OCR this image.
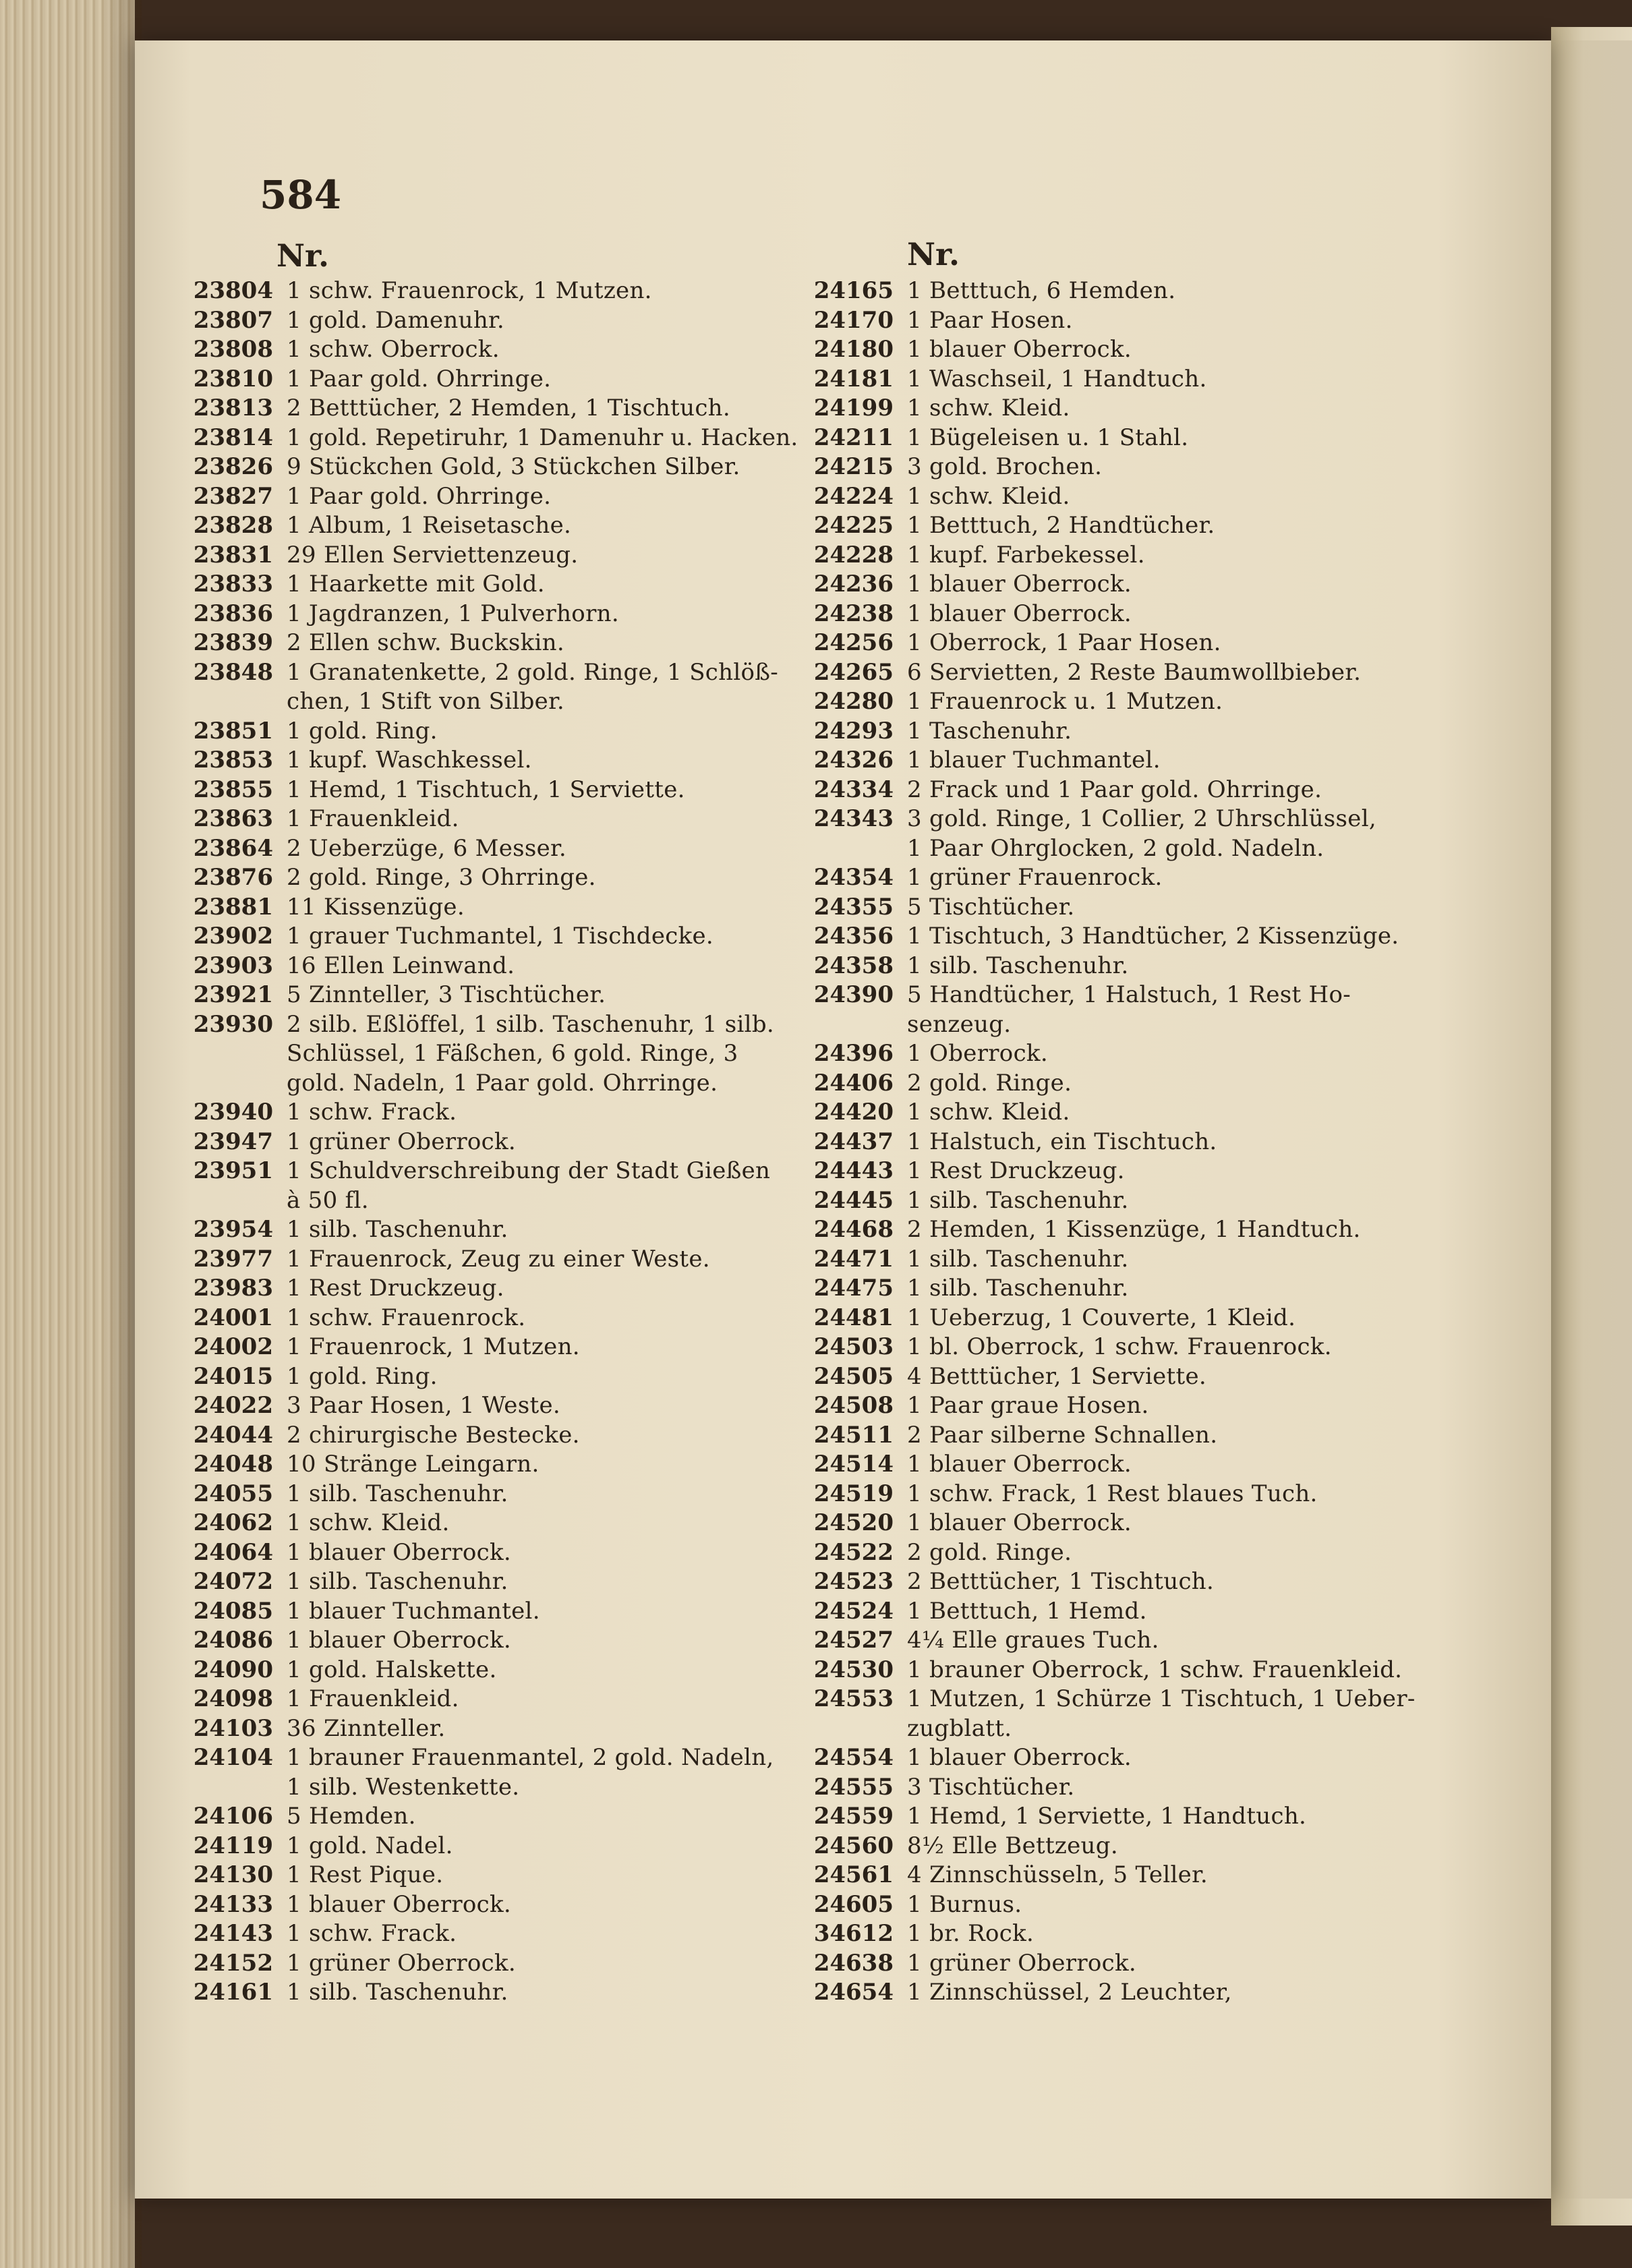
584
Nr.	Nr.
23804 1 schw. Frauenrock, 1 Mutzen.
23807 1 gold. Damenuhr.
23808 1 schw. Oberrock.
23810 1 Paar gold. Ohrringe.
23813 2 Betttücher, 2 Hemden, 1 Tischtuch.
23814 1 gold. Repetiruhr, 1 Damenuhr u. Hacken.
23826 9 Stückchen Gold, 3 Stückchen Silber.
23827 1 Paar gold. Ohrringe.
23828 1 Album, 1 Reisetasche.
23831 29 Ellen Serviettenzeug.
23833 1 Haarkette mit Gold.
23836 1 Jagdranzen, 1 Pulverhorn.
23839 2 Ellen schw. Buckskin.
23848 1 Granatenkette, 2 gold. Ringe, 1 Schlöß-
chen, 1 Stift von Silber.
23851 1 gold. Ring.
23853 1 kupf. Waschkessel.
23855 1 Hemd, 1 Tischtuch, 1 Serviette.
23863 1 Frauenkleid.
23864 2 Ueberzüge, 6 Messer.
23876 2 gold. Ringe, 3 Ohrringe.
23881 11 Kissenzüge.
23902 1 grauer Tuchmantel, 1 Tischdecke.
23903 16 Ellen Leinwand.
23921 5 Zinnteller, 3 Tischtücher.
23930 2 silb. Eßlöffel, 1 silb. Taschenuhr, 1 silb.
Schlüssel, 1 Fäßchen, 6 gold. Ringe, 3
gold. Nadeln, 1 Paar gold. Ohrringe.
23940 1 schw. Frack.
23947 1 grüner Oberrock.
23951 1 Schuldverschreibung der Stadt Gießen
à 50 fl.
23954 1 silb. Taschenuhr.
23977 1 Frauenrock, Zeug zu einer Weste.
23983 1 Rest Druckzeug.
24001 1 schw. Frauenrock.
24002 1 Frauenrock, 1 Mutzen.
24015 1 gold. Ring.
24022 3 Paar Hosen, 1 Weste.
24044 2 chirurgische Bestecke.
24048 10 Stränge Leingarn.
24055 1 silb. Taschenuhr.
24062 1 schw. Kleid.
24064 1 blauer Oberrock.
24072 1 silb. Taschenuhr.
24085 1 blauer Tuchmantel.
24086 1 blauer Oberrock.
24090 1 gold. Halskette.
24098 1 Frauenkleid.
24103 36 Zinnteller.
24104 1 brauner Frauenmantel, 2 gold. Nadeln,
1 silb. Westenkette.
24106 5 Hemden.
24119 1 gold. Nadel.
24130 1 Rest Pique.
24133 1 blauer Oberrock.
24143 1 schw. Frack.
24152 1 grüner Oberrock.
24161 1 silb. Taschenuhr.
24165 1 Betttuch, 6 Hemden.
24170 1 Paar Hosen.
24180 1 blauer Oberrock.
24181 1 Waschseil, 1 Handtuch.
24199 1 schw. Kleid.
24211 1 Bügeleisen u. 1 Stahl.
24215 3 gold. Brochen.
24224 1 schw. Kleid.
24225 1 Betttuch, 2 Handtücher.
24228 1 kupf. Farbekessel.
24236 1 blauer Oberrock.
24238 1 blauer Oberrock.
24256 1 Oberrock, 1 Paar Hosen.
24265 6 Servietten, 2 Reste Baumwollbieber.
24280 1 Frauenrock u. 1 Mutzen.
24293 1 Taschenuhr.
24326 1 blauer Tuchmantel.
24334 2 Frack und 1 Paar gold. Ohrringe.
24343 3 gold. Ringe, 1 Collier, 2 Uhrschlüssel,
1 Paar Ohrglocken, 2 gold. Nadeln.
24354 1 grüner Frauenrock.
24355 5 Tischtücher.
24356 1 Tischtuch, 3 Handtücher, 2 Kissenzüge.
24358 1 silb. Taschenuhr.
24390 5 Handtücher, 1 Halstuch, 1 Rest Ho-
senzeug.
24396 1 Oberrock.
24406 2 gold. Ringe.
24420 1 schw. Kleid.
24437 1 Halstuch, ein Tischtuch.
24443 1 Rest Druckzeug.
24445 1 silb. Taschenuhr.
24468 2 Hemden, 1 Kissenzüge, 1 Handtuch.
24471 1 silb. Taschenuhr.
24475 1 silb. Taschenuhr.
24481 1 Ueberzug, 1 Couverte, 1 Kleid.
24503 1 bl. Oberrock, 1 schw. Frauenrock.
24505 4 Betttücher, 1 Serviette.
24508 1 Paar graue Hosen.
24511 2 Paar silberne Schnallen.
24514 1 blauer Oberrock.
24519 1 schw. Frack, 1 Rest blaues Tuch.
24520 1 blauer Oberrock.
24522 2 gold. Ringe.
24523 2 Betttücher, 1 Tischtuch.
24524 1 Betttuch, 1 Hemd.
24527 4¼ Elle graues Tuch.
24530 1 brauner Oberrock, 1 schw. Frauenkleid.
24553 1 Mutzen, 1 Schürze 1 Tischtuch, 1 Ueber-
zugblatt.
24554 1 blauer Oberrock.
24555 3 Tischtücher.
24559 1 Hemd, 1 Serviette, 1 Handtuch.
24560 8½ Elle Bettzeug.
24561 4 Zinnschüsseln, 5 Teller.
24605 1 Burnus.
34612 1 br. Rock.
24638 1 grüner Oberrock.
24654 1 Zinnschüssel, 2 Leuchter,
